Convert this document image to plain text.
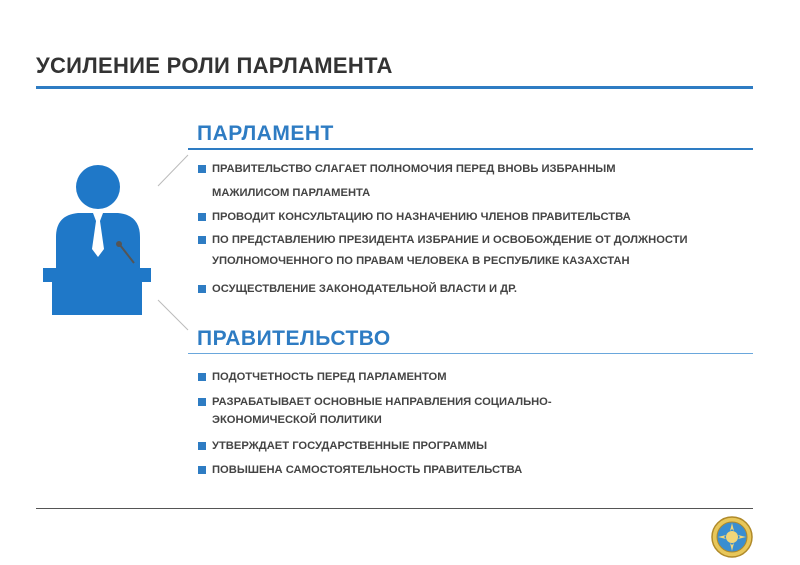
УСИЛЕНИЕ РОЛИ ПАРЛАМЕНТА
ПАРЛАМЕНТ
ПРАВИТЕЛЬСТВО СЛАГАЕТ ПОЛНОМОЧИЯ ПЕРЕД ВНОВЬ ИЗБРАННЫМ
МАЖИЛИСОМ ПАРЛАМЕНТА
ПРОВОДИТ КОНСУЛЬТАЦИЮ ПО НАЗНАЧЕНИЮ ЧЛЕНОВ ПРАВИТЕЛЬСТВА
ПО ПРЕДСТАВЛЕНИЮ ПРЕЗИДЕНТА ИЗБРАНИЕ И ОСВОБОЖДЕНИЕ ОТ ДОЛЖНОСТИ
УПОЛНОМОЧЕННОГО ПО ПРАВАМ ЧЕЛОВЕКА В РЕСПУБЛИКЕ КАЗАХСТАН
ОСУЩЕСТВЛЕНИЕ ЗАКОНОДАТЕЛЬНОЙ ВЛАСТИ И ДР.
ПРАВИТЕЛЬСТВО
ПОДОТЧЕТНОСТЬ ПЕРЕД ПАРЛАМЕНТОМ
РАЗРАБАТЫВАЕТ ОСНОВНЫЕ НАПРАВЛЕНИЯ СОЦИАЛЬНО-
ЭКОНОМИЧЕСКОЙ ПОЛИТИКИ
УТВЕРЖДАЕТ ГОСУДАРСТВЕННЫЕ ПРОГРАММЫ
ПОВЫШЕНА САМОСТОЯТЕЛЬНОСТЬ ПРАВИТЕЛЬСТВА
